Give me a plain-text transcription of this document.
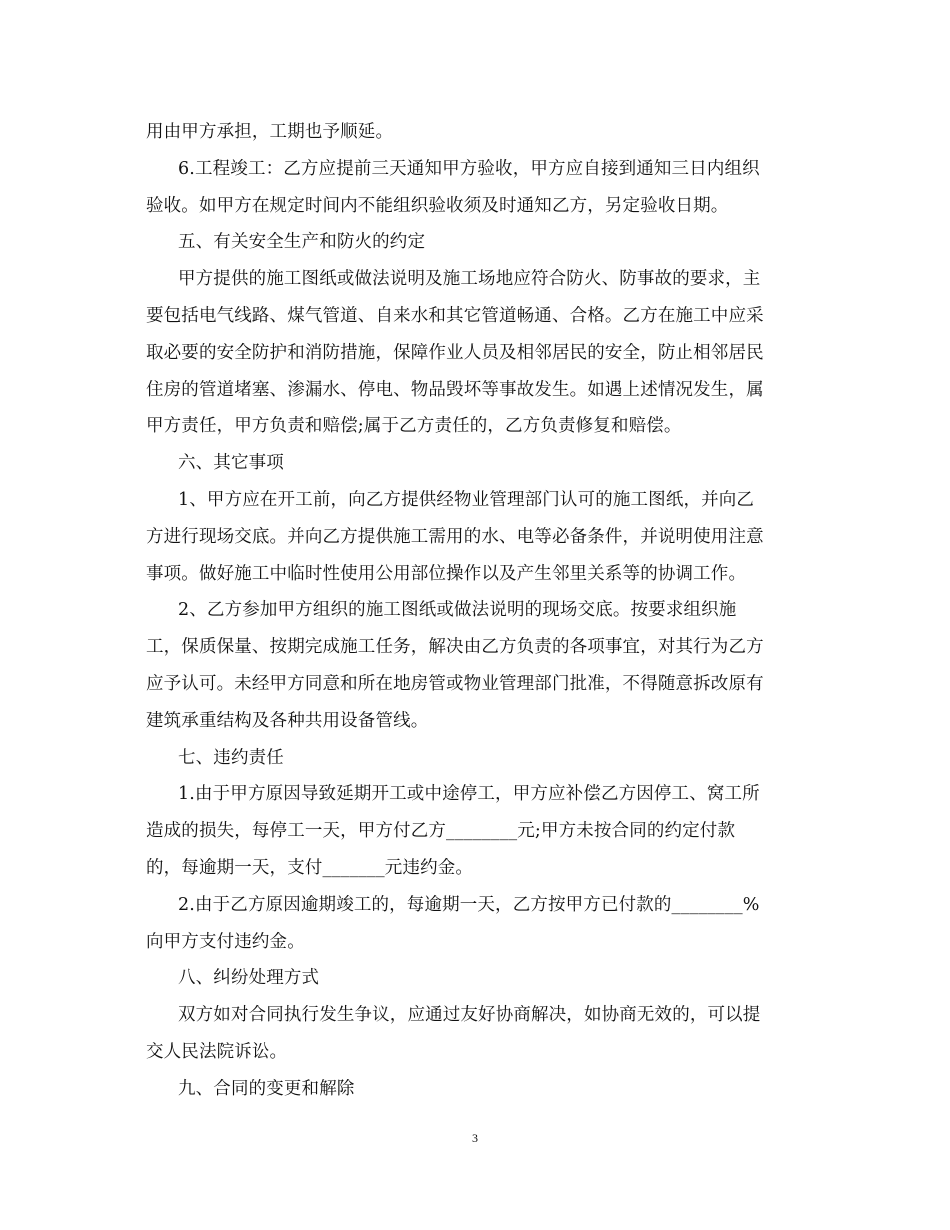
用由甲方承担，工期也予顺延。
6.工程竣工：乙方应提前三天通知甲方验收，甲方应自接到通知三日内组织
验收。如甲方在规定时间内不能组织验收须及时通知乙方，另定验收日期。
五、有关安全生产和防火的约定
甲方提供的施工图纸或做法说明及施工场地应符合防火、防事故的要求，主
要包括电气线路、煤气管道、自来水和其它管道畅通、合格。乙方在施工中应采
取必要的安全防护和消防措施，保障作业人员及相邻居民的安全，防止相邻居民
住房的管道堵塞、渗漏水、停电、物品毁坏等事故发生。如遇上述情况发生，属
甲方责任，甲方负责和赔偿;属于乙方责任的，乙方负责修复和赔偿。
六、其它事项
1、甲方应在开工前，向乙方提供经物业管理部门认可的施工图纸，并向乙
方进行现场交底。并向乙方提供施工需用的水、电等必备条件，并说明使用注意
事项。做好施工中临时性使用公用部位操作以及产生邻里关系等的协调工作。
2、乙方参加甲方组织的施工图纸或做法说明的现场交底。按要求组织施
工，保质保量、按期完成施工任务，解决由乙方负责的各项事宜，对其行为乙方
应予认可。未经甲方同意和所在地房管或物业管理部门批准，不得随意拆改原有
建筑承重结构及各种共用设备管线。
七、违约责任
1.由于甲方原因导致延期开工或中途停工，甲方应补偿乙方因停工、窝工所
造成的损失，每停工一天，甲方付乙方________元;甲方未按合同的约定付款
的，每逾期一天，支付_______元违约金。
2.由于乙方原因逾期竣工的，每逾期一天，乙方按甲方已付款的________%
向甲方支付违约金。
八、纠纷处理方式
双方如对合同执行发生争议，应通过友好协商解决，如协商无效的，可以提
交人民法院诉讼。
九、合同的变更和解除
3
